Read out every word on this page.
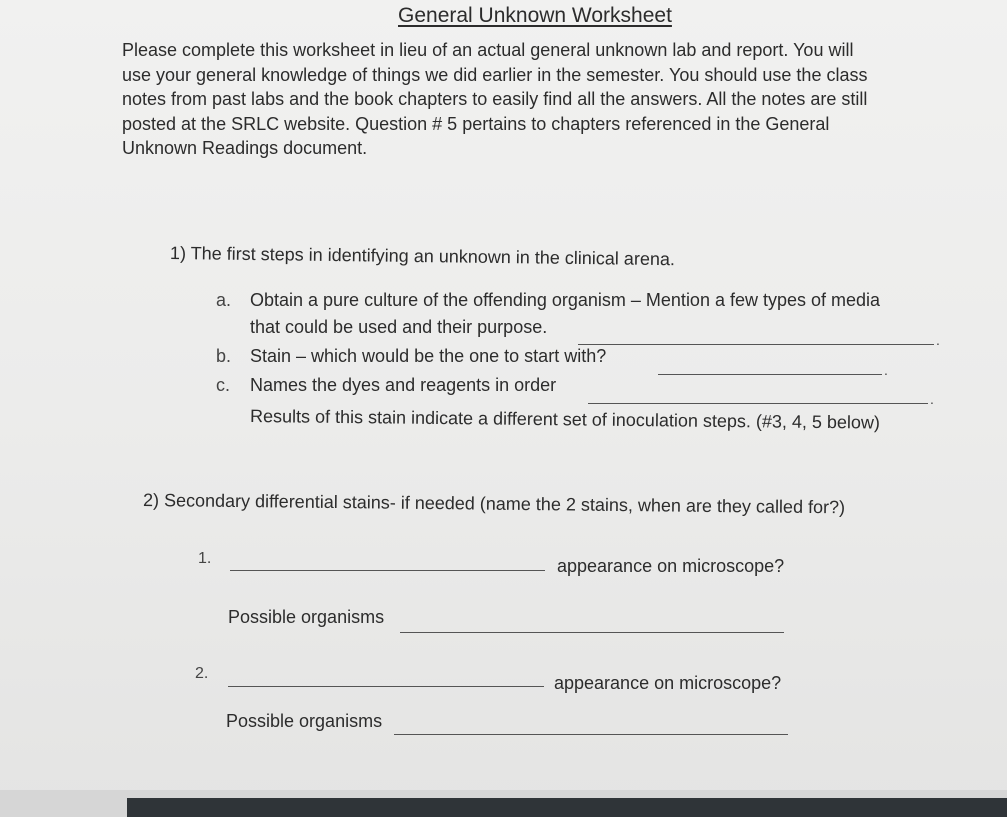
General Unknown Worksheet
Please complete this worksheet in lieu of an actual general unknown lab and report. You will
use your general knowledge of things we did earlier in the semester. You should use the class
notes from past labs and the book chapters to easily find all the answers. All the notes are still
posted at the SRLC website. Question # 5 pertains to chapters referenced in the General
Unknown Readings document.
1) The first steps in identifying an unknown in the clinical arena.
a. Obtain a pure culture of the offending organism – Mention a few types of media
that could be used and their purpose.
.
b. Stain – which would be the one to start with?
.
c. Names the dyes and reagents in order
.
Results of this stain indicate a different set of inoculation steps. (#3, 4, 5 below)
2) Secondary differential stains- if needed (name the 2 stains, when are they called for?)
1.	appearance on microscope?
Possible organisms
2.	appearance on microscope?
Possible organisms
